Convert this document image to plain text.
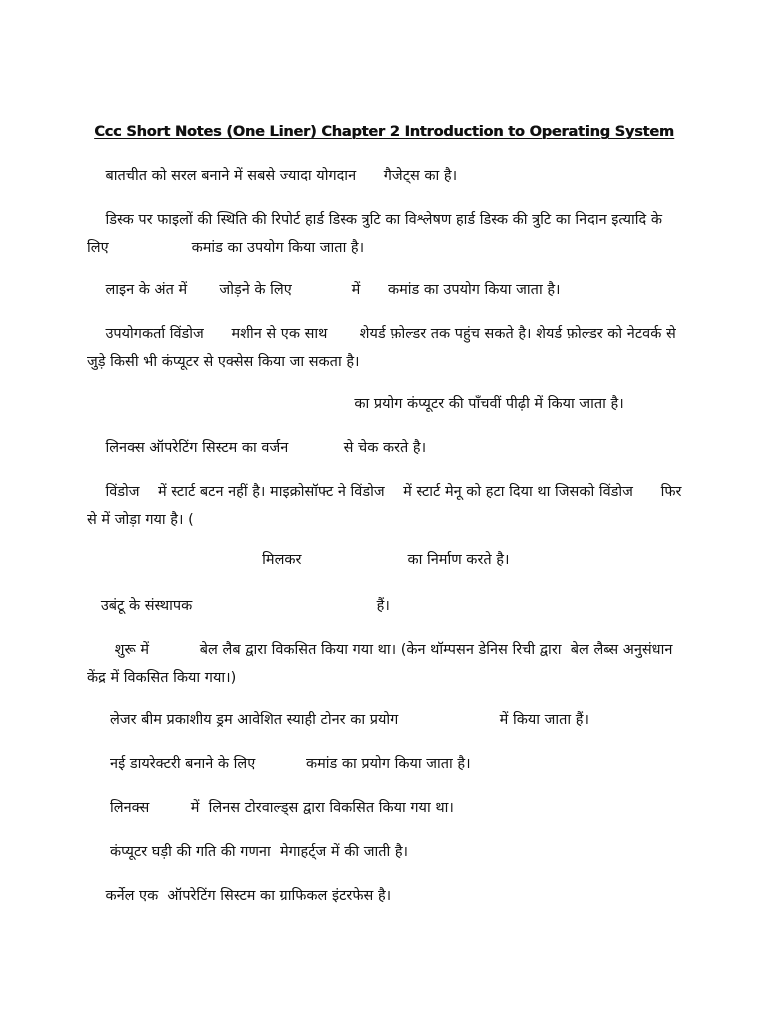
Ccc Short Notes (One Liner) Chapter 2 Introduction to Operating System
बातचीत को सरल बनाने में सबसे ज्यादा योगदान      गैजेट्स का है।
डिस्क पर फाइलों की स्थिति की रिपोर्ट हार्ड डिस्क त्रुटि का विश्लेषण हार्ड डिस्क की त्रुटि का निदान इत्यादि के लिए                  कमांड का उपयोग किया जाता है।
लाइन के अंत में       जोड़ने के लिए             में      कमांड का उपयोग किया जाता है।
उपयोगकर्ता विंडोज      मशीन से एक साथ       शेयर्ड फ़ोल्डर तक पहुंच सकते है। शेयर्ड फ़ोल्डर को नेटवर्क से जुड़े किसी भी कंप्यूटर से एक्सेस किया जा सकता है।
का प्रयोग कंप्यूटर की पाँचवीं पीढ़ी में किया जाता है।
लिनक्स ऑपरेटिंग सिस्टम का वर्जन            से चेक करते है।
विंडोज    में स्टार्ट बटन नहीं है। माइक्रोसॉफ्ट ने विंडोज    में स्टार्ट मेनू को हटा दिया था जिसको विंडोज      फिर से में जोड़ा गया है। (
मिलकर                       का निर्माण करते है।
उबंटू के संस्थापक                                        हैं।
शुरू में           बेल लैब द्वारा विकसित किया गया था। (केन थॉम्पसन डेनिस रिची द्वारा  बेल लैब्स अनुसंधान केंद्र में विकसित किया गया।)
लेजर बीम प्रकाशीय ड्रम आवेशित स्याही टोनर का प्रयोग                      में किया जाता हैं।
नई डायरेक्टरी बनाने के लिए           कमांड का प्रयोग किया जाता है।
लिनक्स         में  लिनस टोरवाल्ड्स द्वारा विकसित किया गया था।
कंप्यूटर घड़ी की गति की गणना  मेगाहर्ट्ज में की जाती है।
कर्नेल एक  ऑपरेटिंग सिस्टम का ग्राफिकल इंटरफेस है।
